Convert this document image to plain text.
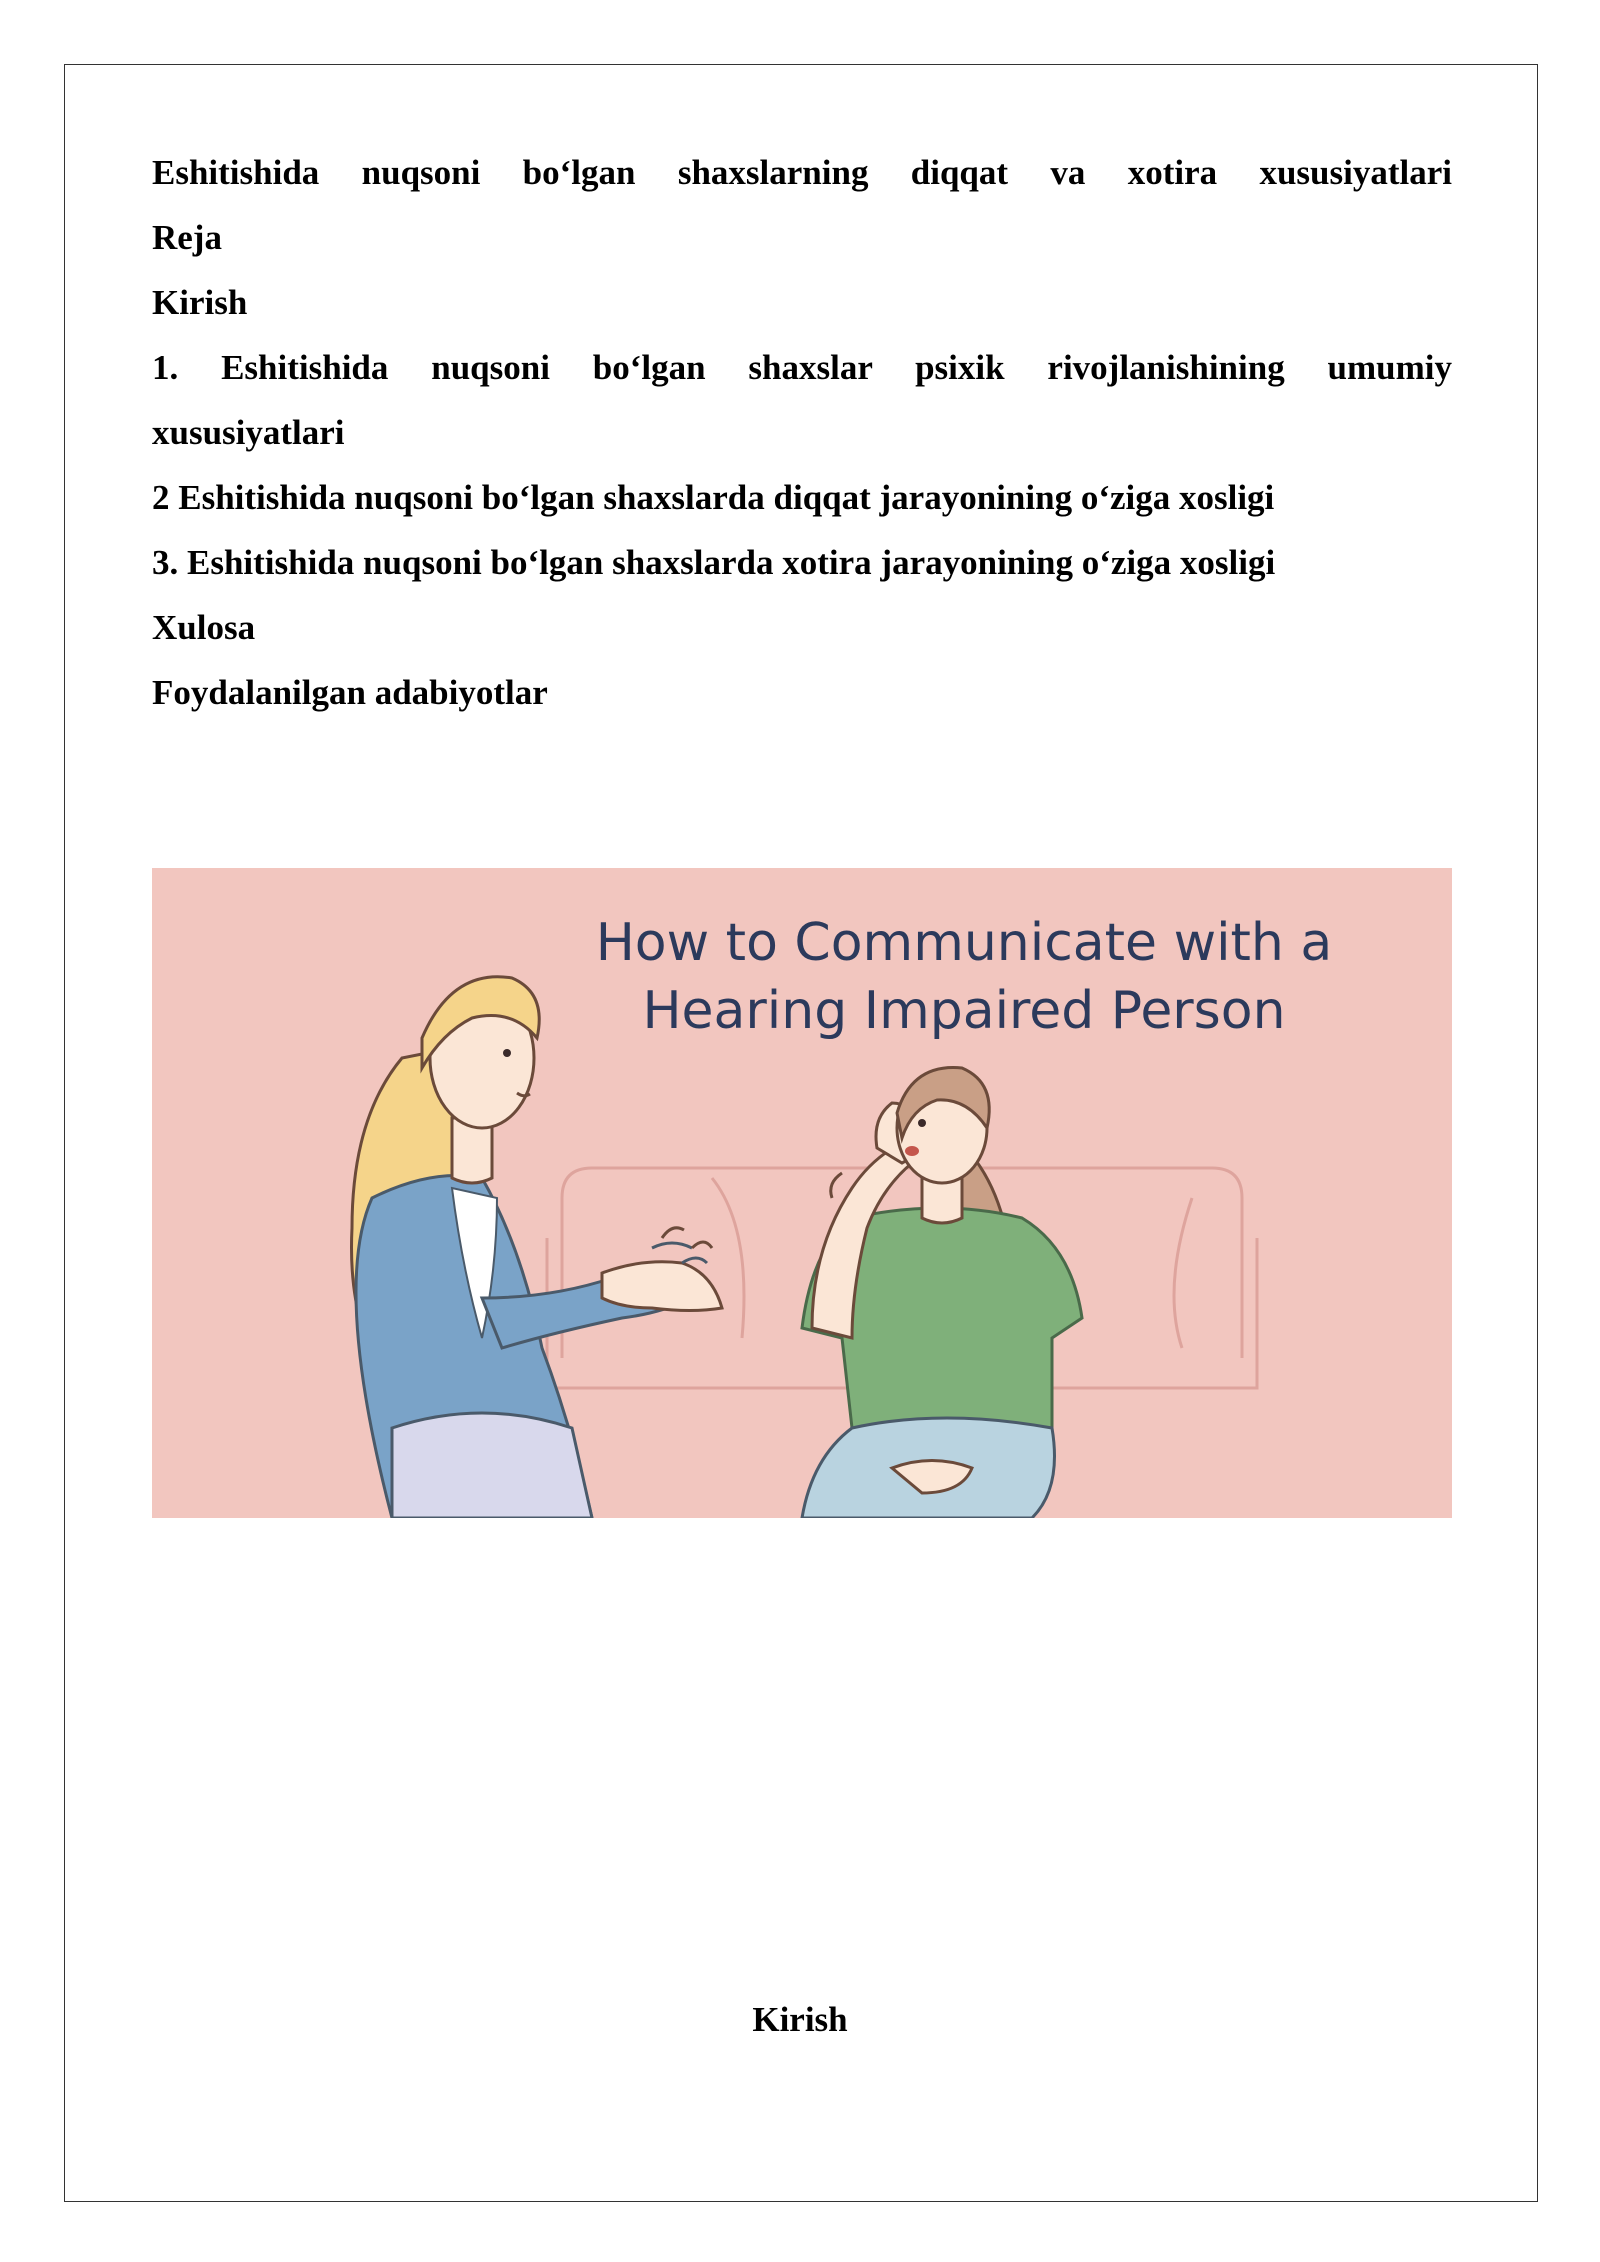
Eshitishida nuqsoni bo‘lgan shaxslarning diqqat va xotira xususiyatlari

Reja

Kirish

1. Eshitishida nuqsoni bo‘lgan shaxslar psixik rivojlanishining umumiy

xususiyatlari

2 Eshitishida nuqsoni bo‘lgan shaxslarda diqqat jarayonining o‘ziga xosligi

3. Eshitishida nuqsoni bo‘lgan shaxslarda xotira jarayonining o‘ziga xosligi

Xulosa

Foydalanilgan adabiyotlar

How to Communicate with a
Hearing Impaired Person

Kirish
